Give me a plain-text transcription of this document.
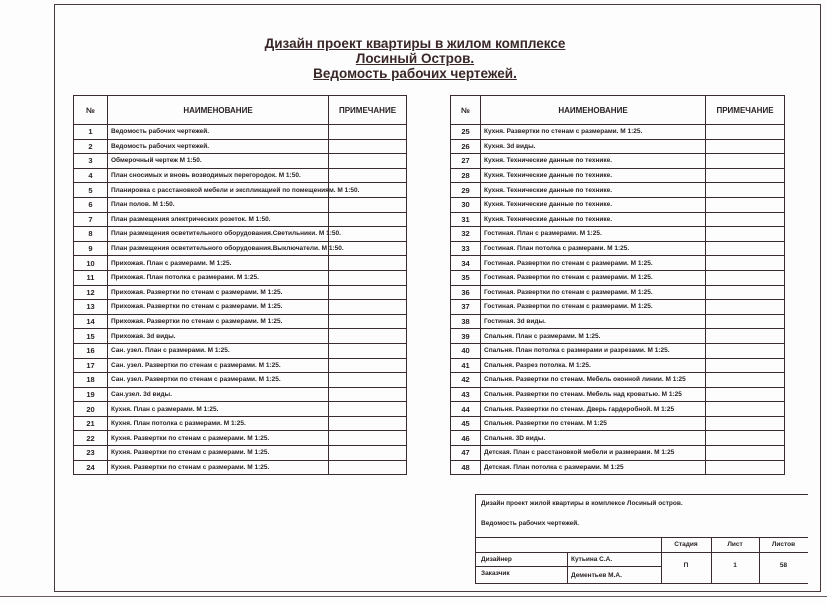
Дизайн проект квартиры в жилом комплексе
Лосиный Остров.
Ведомость рабочих чертежей.
№	НАИМЕНОВАНИЕ	ПРИМЕЧАНИЕ
1	Ведомость рабочих чертежей.	
2	Ведомость рабочих чертежей.	
3	Обмерочный чертеж М 1:50.	
4	План сносимых и вновь возводимых перегородок. М 1:50.	
5	Планировка с расстановкой мебели и экспликацией по помещениям. М 1:50.	
6	План полов. М 1:50.	
7	План размещения электрических розеток. М 1:50.	
8	План размещения осветительного оборудования.Светильники. М 1:50.	
9	План размещения осветительного оборудования.Выключатели. М 1:50.	
10	Прихожая. План с размерами. М 1:25.	
11	Прихожая. План потолка с размерами. М 1:25.	
12	Прихожая. Развертки по стенам с размерами. М 1:25.	
13	Прихожая. Развертки по стенам с размерами. М 1:25.	
14	Прихожая. Развертки по стенам с размерами. М 1:25.	
15	Прихожая. 3d виды.	
16	Сан. узел. План с размерами. М 1:25.	
17	Сан. узел. Развертки по стенам с размерами. М 1:25.	
18	Сан. узел. Развертки по стенам с размерами. М 1:25.	
19	Сан.узел. 3d виды.	
20	Кухня. План с размерами. М 1:25.	
21	Кухня. План потолка с размерами. М 1:25.	
22	Кухня. Развертки по стенам с размерами. М 1:25.	
23	Кухня. Развертки по стенам с размерами. М 1:25.	
24	Кухня. Развертки по стенам с размерами. М 1:25.	
№	НАИМЕНОВАНИЕ	ПРИМЕЧАНИЕ
25	Кухня. Развертки по стенам с размерами. М 1:25.	
26	Кухня. 3d виды.	
27	Кухня. Технические данные по технике.	
28	Кухня. Технические данные по технике.	
29	Кухня. Технические данные по технике.	
30	Кухня. Технические данные по технике.	
31	Кухня. Технические данные по технике.	
32	Гостиная. План с размерами. М 1:25.	
33	Гостиная. План потолка с размерами. М 1:25.	
34	Гостиная. Развертки по стенам с размерами. М 1:25.	
35	Гостиная. Развертки по стенам с размерами. М 1:25.	
36	Гостиная. Развертки по стенам с размерами. М 1:25.	
37	Гостиная. Развертки по стенам с размерами. М 1:25.	
38	Гостиная. 3d виды.	
39	Спальня. План с размерами. М 1:25.	
40	Спальня. План потолка с размерами и разрезами. М 1:25.	
41	Спальня. Разрез потолка. М 1:25.	
42	Спальня. Развертки по стенам. Мебель оконной линии. М 1:25	
43	Спальня. Развертки по стенам. Мебель над кроватью. М 1:25	
44	Спальня. Развертки по стенам. Дверь гардеробной. М 1:25	
45	Спальня. Развертки по стенам. М 1:25	
46	Спальня. 3D виды.	
47	Детская. План с расстановкой мебели и размерами. М 1:25	
48	Детская. План потолка с размерами. М 1:25	
Дизайн проект жилой квартиры в комплексе Лосиный остров.
Ведомость рабочих чертежей.
Стадия	Лист	Листов
Дизайнер	Кутьина С.А.
Заказчик	Дементьев М.А.
П	1	58
